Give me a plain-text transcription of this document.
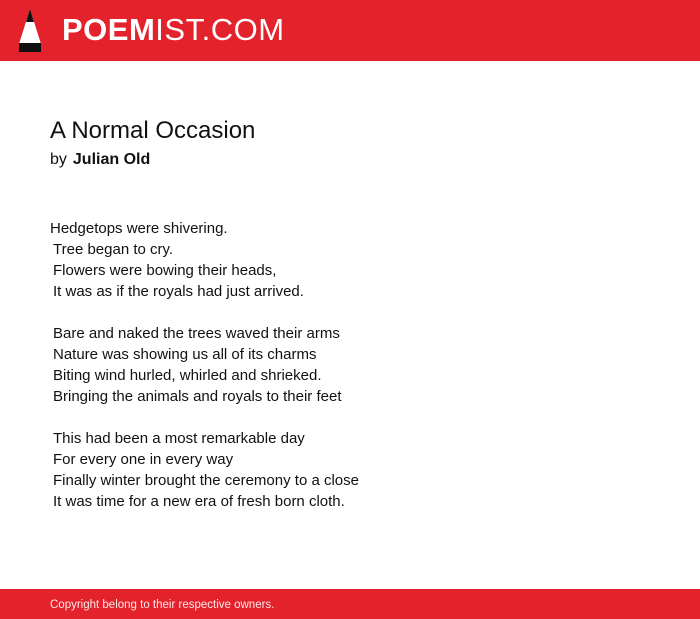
POEMIST.COM
A Normal Occasion
by Julian Old
Hedgetops were shivering.
Tree began to cry.
Flowers were bowing their heads,
It was as if the royals had just arrived.
Bare and naked the trees waved their arms
Nature was showing us all of its charms
Biting wind hurled, whirled and shrieked.
Bringing the animals and royals to their feet
This had been a most remarkable day
For every one in every way
Finally winter brought the ceremony to a close
It was time for a new era of fresh born cloth.
Copyright belong to their respective owners.
